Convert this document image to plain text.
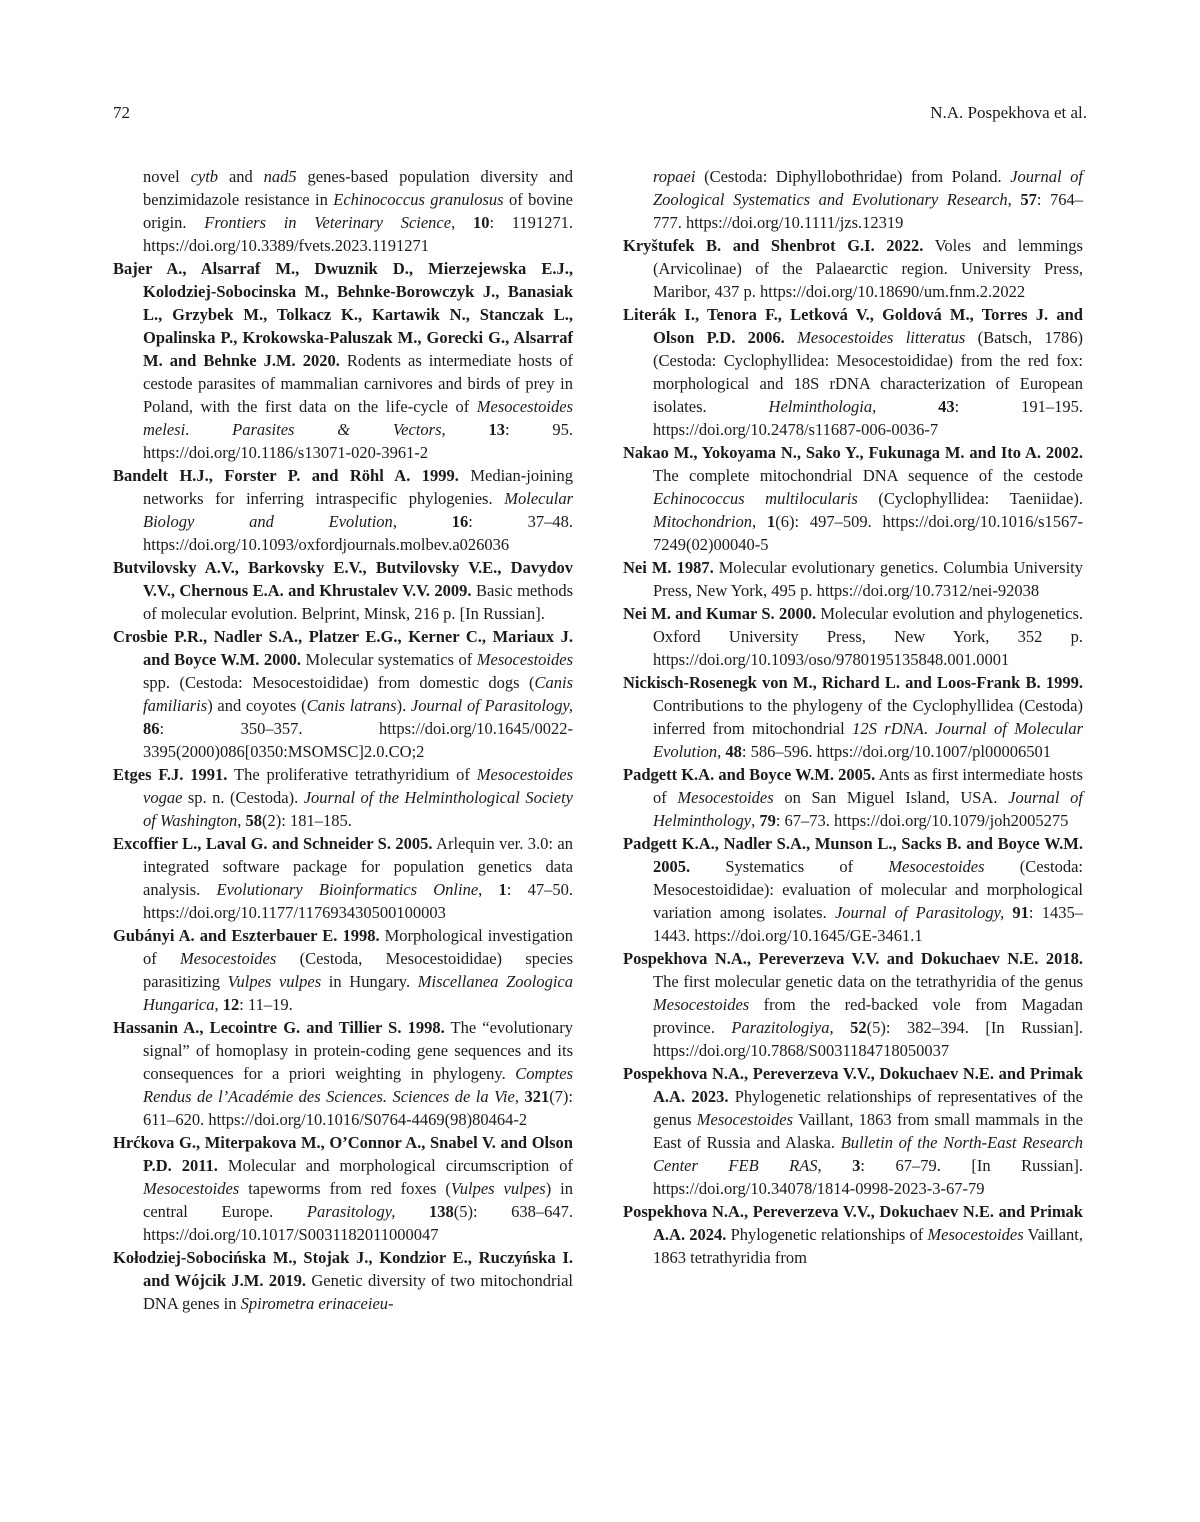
72	N.A. Pospekhova et al.
novel cytb and nad5 genes-based population diversity and benzimidazole resistance in Echinococcus granulosus of bovine origin. Frontiers in Veterinary Science, 10: 1191271. https://doi.org/10.3389/fvets.2023.1191271
Bajer A., Alsarraf M., Dwuznik D., Mierzejewska E.J., Kolodziej-Sobocinska M., Behnke-Borowczyk J., Banasiak L., Grzybek M., Tolkacz K., Kartawik N., Stanczak L., Opalinska P., Krokowska-Paluszak M., Gorecki G., Alsarraf M. and Behnke J.M. 2020. Rodents as intermediate hosts of cestode parasites of mammalian carnivores and birds of prey in Poland, with the first data on the life-cycle of Mesocestoides melesi. Parasites & Vectors, 13: 95. https://doi.org/10.1186/s13071-020-3961-2
Bandelt H.J., Forster P. and Röhl A. 1999. Median-joining networks for inferring intraspecific phylogenies. Molecular Biology and Evolution, 16: 37–48. https://doi.org/10.1093/oxfordjournals.molbev.a026036
Butvilovsky A.V., Barkovsky E.V., Butvilovsky V.E., Davydov V.V., Chernous E.A. and Khrustalev V.V. 2009. Basic methods of molecular evolution. Belprint, Minsk, 216 p. [In Russian].
Crosbie P.R., Nadler S.A., Platzer E.G., Kerner C., Mariaux J. and Boyce W.M. 2000. Molecular systematics of Mesocestoides spp. (Cestoda: Mesocestoididae) from domestic dogs (Canis familiaris) and coyotes (Canis latrans). Journal of Parasitology, 86: 350–357. https://doi.org/10.1645/0022-3395(2000)086[0350:MSOMSC]2.0.CO;2
Etges F.J. 1991. The proliferative tetrathyridium of Mesocestoides vogae sp. n. (Cestoda). Journal of the Helminthological Society of Washington, 58(2): 181–185.
Excoffier L., Laval G. and Schneider S. 2005. Arlequin ver. 3.0: an integrated software package for population genetics data analysis. Evolutionary Bioinformatics Online, 1: 47–50. https://doi.org/10.1177/117693430500100003
Gubányi A. and Eszterbauer E. 1998. Morphological investigation of Mesocestoides (Cestoda, Mesocestoididae) species parasitizing Vulpes vulpes in Hungary. Miscellanea Zoologica Hungarica, 12: 11–19.
Hassanin A., Lecointre G. and Tillier S. 1998. The “evolutionary signal” of homoplasy in protein-coding gene sequences and its consequences for a priori weighting in phylogeny. Comptes Rendus de l’Académie des Sciences. Sciences de la Vie, 321(7): 611–620. https://doi.org/10.1016/S0764-4469(98)80464-2
Hrćkova G., Miterpakova M., O’Connor A., Snabel V. and Olson P.D. 2011. Molecular and morphological circumscription of Mesocestoides tapeworms from red foxes (Vulpes vulpes) in central Europe. Parasitology, 138(5): 638–647. https://doi.org/10.1017/S0031182011000047
Kołodziej-Sobocińska M., Stojak J., Kondzior E., Ruczyńska I. and Wójcik J.M. 2019. Genetic diversity of two mitochondrial DNA genes in Spirometra erinaceieu-
ropaei (Cestoda: Diphyllobothridae) from Poland. Journal of Zoological Systematics and Evolutionary Research, 57: 764–777. https://doi.org/10.1111/jzs.12319
Kryštufek B. and Shenbrot G.I. 2022. Voles and lemmings (Arvicolinae) of the Palaearctic region. University Press, Maribor, 437 p. https://doi.org/10.18690/um.fnm.2.2022
Literák I., Tenora F., Letková V., Goldová M., Torres J. and Olson P.D. 2006. Mesocestoides litteratus (Batsch, 1786) (Cestoda: Cyclophyllidea: Mesocestoididae) from the red fox: morphological and 18S rDNA characterization of European isolates. Helminthologia, 43: 191–195. https://doi.org/10.2478/s11687-006-0036-7
Nakao M., Yokoyama N., Sako Y., Fukunaga M. and Ito A. 2002. The complete mitochondrial DNA sequence of the cestode Echinococcus multilocularis (Cyclophyllidea: Taeniidae). Mitochondrion, 1(6): 497–509. https://doi.org/10.1016/s1567-7249(02)00040-5
Nei M. 1987. Molecular evolutionary genetics. Columbia University Press, New York, 495 p. https://doi.org/10.7312/nei-92038
Nei M. and Kumar S. 2000. Molecular evolution and phylogenetics. Oxford University Press, New York, 352 p. https://doi.org/10.1093/oso/9780195135848.001.0001
Nickisch-Rosenegk von M., Richard L. and Loos-Frank B. 1999. Contributions to the phylogeny of the Cyclophyllidea (Cestoda) inferred from mitochondrial 12S rDNA. Journal of Molecular Evolution, 48: 586–596. https://doi.org/10.1007/pl00006501
Padgett K.A. and Boyce W.M. 2005. Ants as first intermediate hosts of Mesocestoides on San Miguel Island, USA. Journal of Helminthology, 79: 67–73. https://doi.org/10.1079/joh2005275
Padgett K.A., Nadler S.A., Munson L., Sacks B. and Boyce W.M. 2005. Systematics of Mesocestoides (Cestoda: Mesocestoididae): evaluation of molecular and morphological variation among isolates. Journal of Parasitology, 91: 1435–1443. https://doi.org/10.1645/GE-3461.1
Pospekhova N.A., Pereverzeva V.V. and Dokuchaev N.E. 2018. The first molecular genetic data on the tetrathyridia of the genus Mesocestoides from the red-backed vole from Magadan province. Parazitologiya, 52(5): 382–394. [In Russian]. https://doi.org/10.7868/S0031184718050037
Pospekhova N.A., Pereverzeva V.V., Dokuchaev N.E. and Primak A.A. 2023. Phylogenetic relationships of representatives of the genus Mesocestoides Vaillant, 1863 from small mammals in the East of Russia and Alaska. Bulletin of the North-East Research Center FEB RAS, 3: 67–79. [In Russian]. https://doi.org/10.34078/1814-0998-2023-3-67-79
Pospekhova N.A., Pereverzeva V.V., Dokuchaev N.E. and Primak A.A. 2024. Phylogenetic relationships of Mesocestoides Vaillant, 1863 tetrathyridia from
